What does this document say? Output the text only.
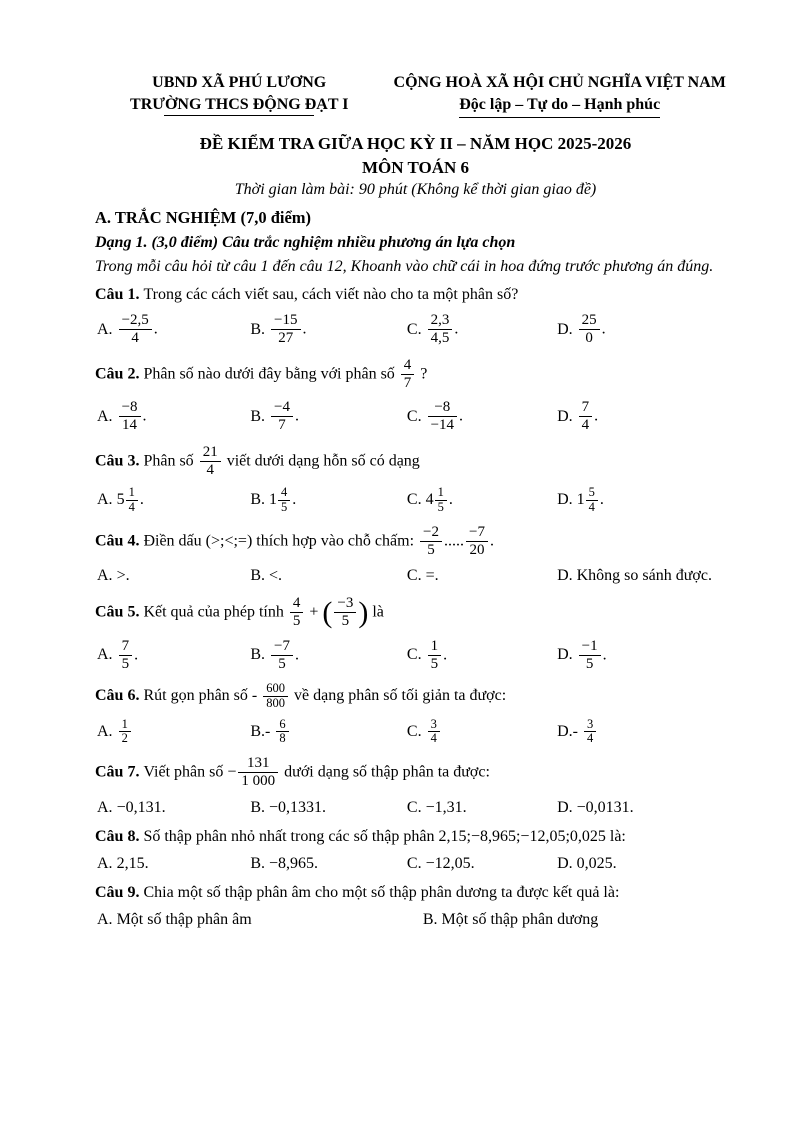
UBND XÃ PHÚ LƯƠNG
TRƯỜNG THCS ĐỘNG ĐẠT I
CỘNG HOÀ XÃ HỘI CHỦ NGHĨA VIỆT NAM
Độc lập – Tự do – Hạnh phúc
ĐỀ KIỂM TRA GIỮA HỌC KỲ II – NĂM HỌC 2025-2026
MÔN TOÁN 6
Thời gian làm bài: 90 phút (Không kể thời gian giao đề)
A. TRẮC NGHIỆM (7,0 điểm)
Dạng 1. (3,0 điểm) Câu trắc nghiệm nhiều phương án lựa chọn
Trong mỗi câu hỏi từ câu 1 đến câu 12, Khoanh vào chữ cái in hoa đứng trước phương án đúng.
Câu 1. Trong các cách viết sau, cách viết nào cho ta một phân số?
A. $\frac{-2,5}{4}$ .	B. $\frac{-15}{27}$ .	C. $\frac{2,3}{4,5}$ .	D. $\frac{25}{0}$ .
Câu 2. Phân số nào dưới đây bằng với phân số $\frac{4}{7}$ ?
A. $\frac{-8}{14}$ .	B. $\frac{-4}{7}$ .	C. $\frac{-8}{-14}$ .	D. $\frac{7}{4}$ .
Câu 3. Phân số $\frac{21}{4}$ viết dưới dạng hỗn số có dạng
A. $5 \frac{1}{4}$ .	B. $1 \frac{4}{5}$ .	C. $4 \frac{1}{5}$ .	D. $1 \frac{5}{4}$ .
Câu 4. Điền dấu (>;<;=) thích hợp vào chỗ chấm: $\frac{-2}{5}$ ..... $\frac{-7}{20}$ .
A. >.	B. <.	C. =.	D. Không so sánh được.
Câu 5. Kết quả của phép tính $\frac{4}{5}$ + ( $\frac{-3}{5}$ ) là
A. $\frac{7}{5}$ .	B. $\frac{-7}{5}$ .	C. $\frac{1}{5}$ .	D. $\frac{-1}{5}$ .
Câu 6. Rút gọn phân số - $\frac{600}{800}$ về dạng phân số tối giản ta được:
A. $\frac{1}{2}$	$B.- \frac{6}{8}$	C. $\frac{3}{4}$	$D.- \frac{3}{4}$
Câu 7. Viết phân số − $\frac{131}{1 000}$ dưới dạng số thập phân ta được:
A. −0,131.	B. −0,1331.	C. −1,31.	D. −0,0131.
Câu 8. Số thập phân nhỏ nhất trong các số thập phân 2,15;−8,965;−12,05;0,025 là:
A. 2,15.	B. −8,965.	C. −12,05.	D. 0,025.
Câu 9. Chia một số thập phân âm cho một số thập phân dương ta được kết quả là:
A. Một số thập phân âm	B. Một số thập phân dương
